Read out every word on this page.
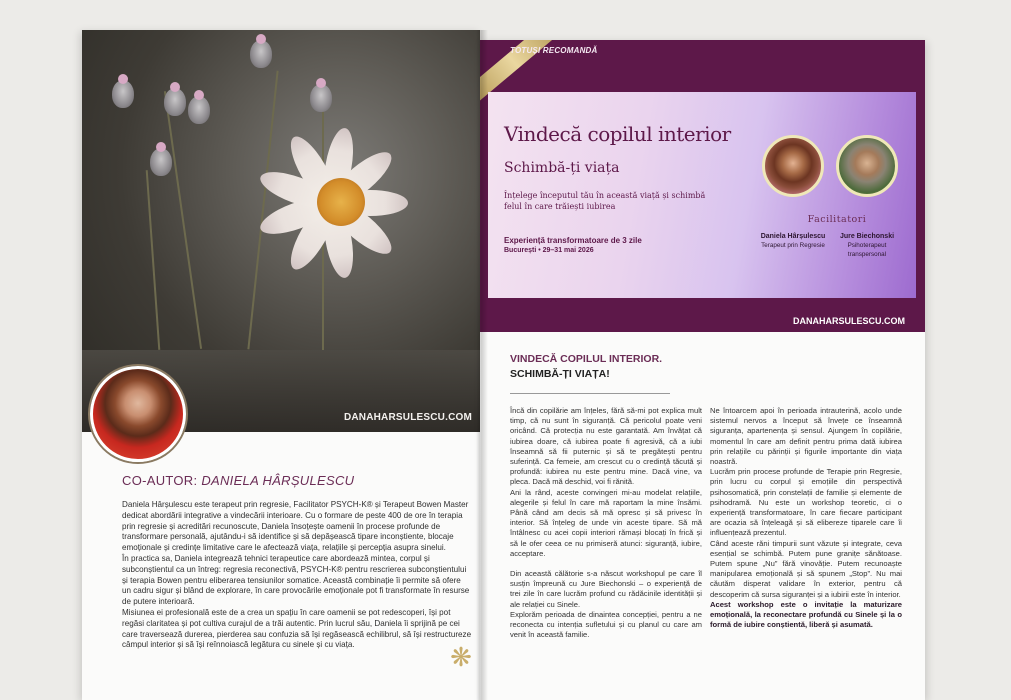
DANAHARSULESCU.COM
CO-AUTOR: DANIELA HÂRȘULESCU

Daniela Hârșulescu este terapeut prin regresie, Facilitator PSYCH-K® și Terapeut Bowen Master dedicat abordării integrative a vindecării interioare. Cu o formare de peste 400 de ore în terapia prin regresie și acreditări recunoscute, Daniela însoțește oamenii în procese profunde de transformare personală, ajutându-i să identifice și să depășească tipare inconștiente, blocaje emoționale și credințe limitative care le afectează viața, relațiile și percepția asupra sinelui.

În practica sa, Daniela integrează tehnici terapeutice care abordează mintea, corpul și subconștientul ca un întreg: regresia reconectivă, PSYCH-K® pentru rescrierea subconștientului și terapia Bowen pentru eliberarea tensiunilor somatice. Această combinație îi permite să ofere un cadru sigur și blând de explorare, în care provocările emoționale pot fi transformate în resurse de putere interioară.

Misiunea ei profesională este de a crea un spațiu în care oamenii se pot redescoperi, își pot regăsi claritatea și pot cultiva curajul de a trăi autentic. Prin lucrul său, Daniela îi sprijină pe cei care traversează durerea, pierderea sau confuzia să își regăsească echilibrul, să își restructureze câmpul interior și să își reînnoiască legătura cu sinele și cu viața.	❋
TOTUȘI RECOMANDĂ
Vindecă copilul interior
Schimbă-ți viața
Înțelege începutul tău în această viață și schimbă felul în care trăiești iubirea
Experiență transformatoare de 3 zile
București • 29–31 mai 2026
Facilitatori
Daniela Hârșulescu
Terapeut prin Regresie
Jure Biechonski
Psihoterapeut transpersonal
DANAHARSULESCU.COM
VINDECĂ COPILUL INTERIOR.
SCHIMBĂ-ȚI VIAȚA!

Încă din copilărie am înțeles, fără să-mi pot explica mult timp, că nu sunt în siguranță. Că pericolul poate veni oricând. Că protecția nu este garantată. Am învățat că iubirea doare, că iubirea poate fi agresivă, că a iubi înseamnă să fii puternic și să te pregătești pentru suferință. Ca femeie, am crescut cu o credință tăcută și profundă: iubirea nu este pentru mine. Dacă vine, va pleca. Dacă mă deschid, voi fi rănită.

Ani la rând, aceste convingeri mi-au modelat relațiile, alegerile și felul în care mă raportam la mine însămi. Până când am decis să mă opresc și să privesc în interior. Să înțeleg de unde vin aceste tipare. Să mă întâlnesc cu acei copii interiori rămași blocați în frică și să le ofer ceea ce nu primiseră atunci: siguranță, iubire, acceptare.

Din această călătorie s-a născut workshopul pe care îl susțin împreună cu Jure Biechonski – o experiență de trei zile în care lucrăm profund cu rădăcinile identității și ale relației cu Sinele.

Explorăm perioada de dinaintea concepției, pentru a ne reconecta cu intenția sufletului și cu planul cu care am venit în această familie.

Ne întoarcem apoi în perioada intrauterină, acolo unde sistemul nervos a început să învețe ce înseamnă siguranța, apartenența și sensul. Ajungem în copilărie, momentul în care am definit pentru prima dată iubirea prin relațiile cu părinții și figurile importante din viața noastră.

Lucrăm prin procese profunde de Terapie prin Regresie, prin lucru cu corpul și emoțiile din perspectivă psihosomatică, prin constelații de familie și elemente de psihodramă. Nu este un workshop teoretic, ci o experiență transformatoare, în care fiecare participant are ocazia să înțeleagă și să elibereze tiparele care îi influențează prezentul.

Când aceste răni timpurii sunt văzute și integrate, ceva esențial se schimbă. Putem pune granițe sănătoase. Putem spune „Nu” fără vinovăție. Putem recunoaște manipularea emoțională și să spunem „Stop”. Nu mai căutăm disperat validare în exterior, pentru că descoperim că sursa siguranței și a iubirii este în interior.

Acest workshop este o invitație la maturizare emoțională, la reconectare profundă cu Sinele și la o formă de iubire conștientă, liberă și asumată.
